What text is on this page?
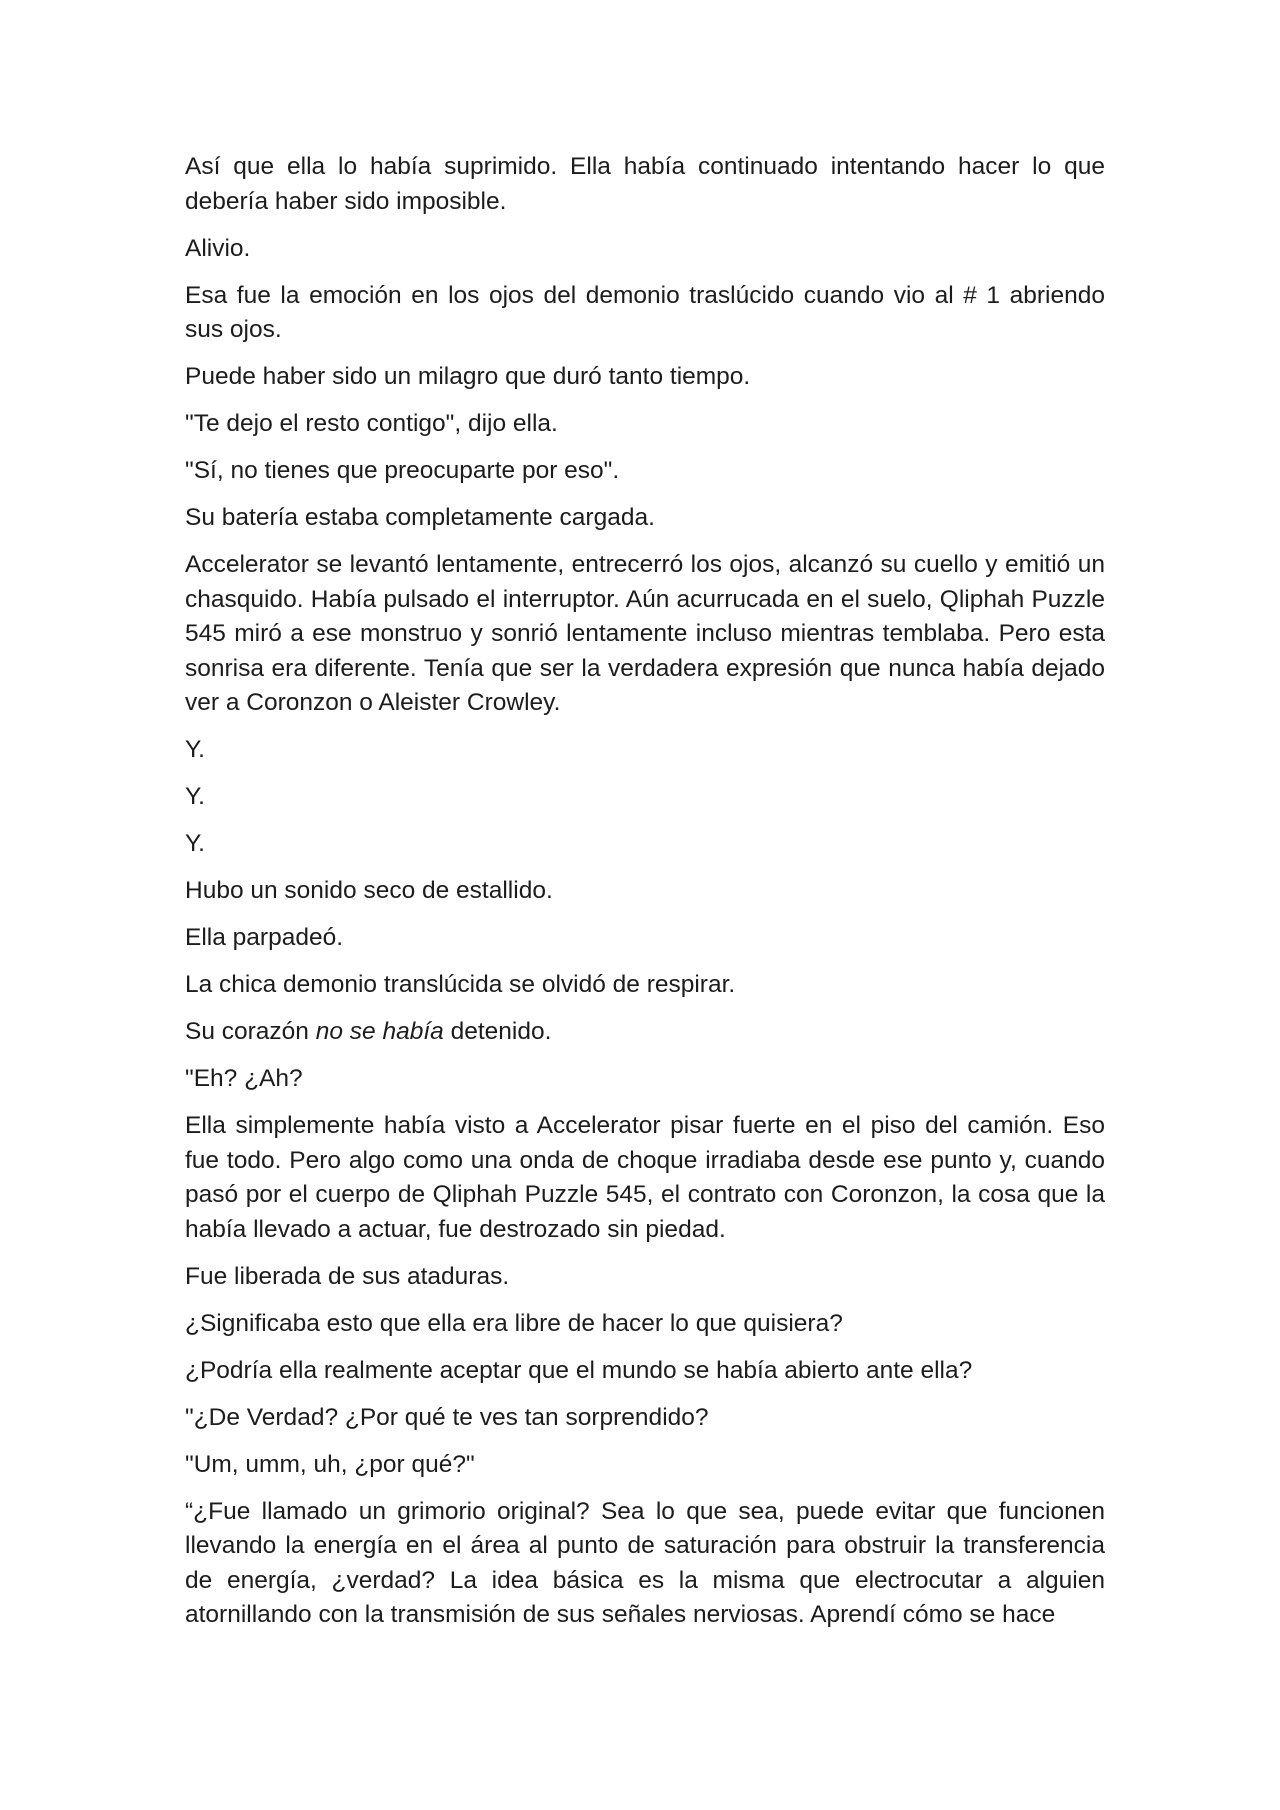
Así que ella lo había suprimido. Ella había continuado intentando hacer lo que debería haber sido imposible.

Alivio.

Esa fue la emoción en los ojos del demonio traslúcido cuando vio al # 1 abriendo sus ojos.

Puede haber sido un milagro que duró tanto tiempo.

"Te dejo el resto contigo", dijo ella.

"Sí, no tienes que preocuparte por eso".

Su batería estaba completamente cargada.

Accelerator se levantó lentamente, entrecerró los ojos, alcanzó su cuello y emitió un chasquido. Había pulsado el interruptor. Aún acurrucada en el suelo, Qliphah Puzzle 545 miró a ese monstruo y sonrió lentamente incluso mientras temblaba. Pero esta sonrisa era diferente. Tenía que ser la verdadera expresión que nunca había dejado ver a Coronzon o Aleister Crowley.

Y.

Y.

Y.

Hubo un sonido seco de estallido.

Ella parpadeó.

La chica demonio translúcida se olvidó de respirar.

Su corazón no se había detenido.

"Eh? ¿Ah?

Ella simplemente había visto a Accelerator pisar fuerte en el piso del camión. Eso fue todo. Pero algo como una onda de choque irradiaba desde ese punto y, cuando pasó por el cuerpo de Qliphah Puzzle 545, el contrato con Coronzon, la cosa que la había llevado a actuar, fue destrozado sin piedad.

Fue liberada de sus ataduras.

¿Significaba esto que ella era libre de hacer lo que quisiera?

¿Podría ella realmente aceptar que el mundo se había abierto ante ella?

"¿De Verdad? ¿Por qué te ves tan sorprendido?

"Um, umm, uh, ¿por qué?"

“¿Fue llamado un grimorio original? Sea lo que sea, puede evitar que funcionen llevando la energía en el área al punto de saturación para obstruir la transferencia de energía, ¿verdad? La idea básica es la misma que electrocutar a alguien atornillando con la transmisión de sus señales nerviosas. Aprendí cómo se hace
